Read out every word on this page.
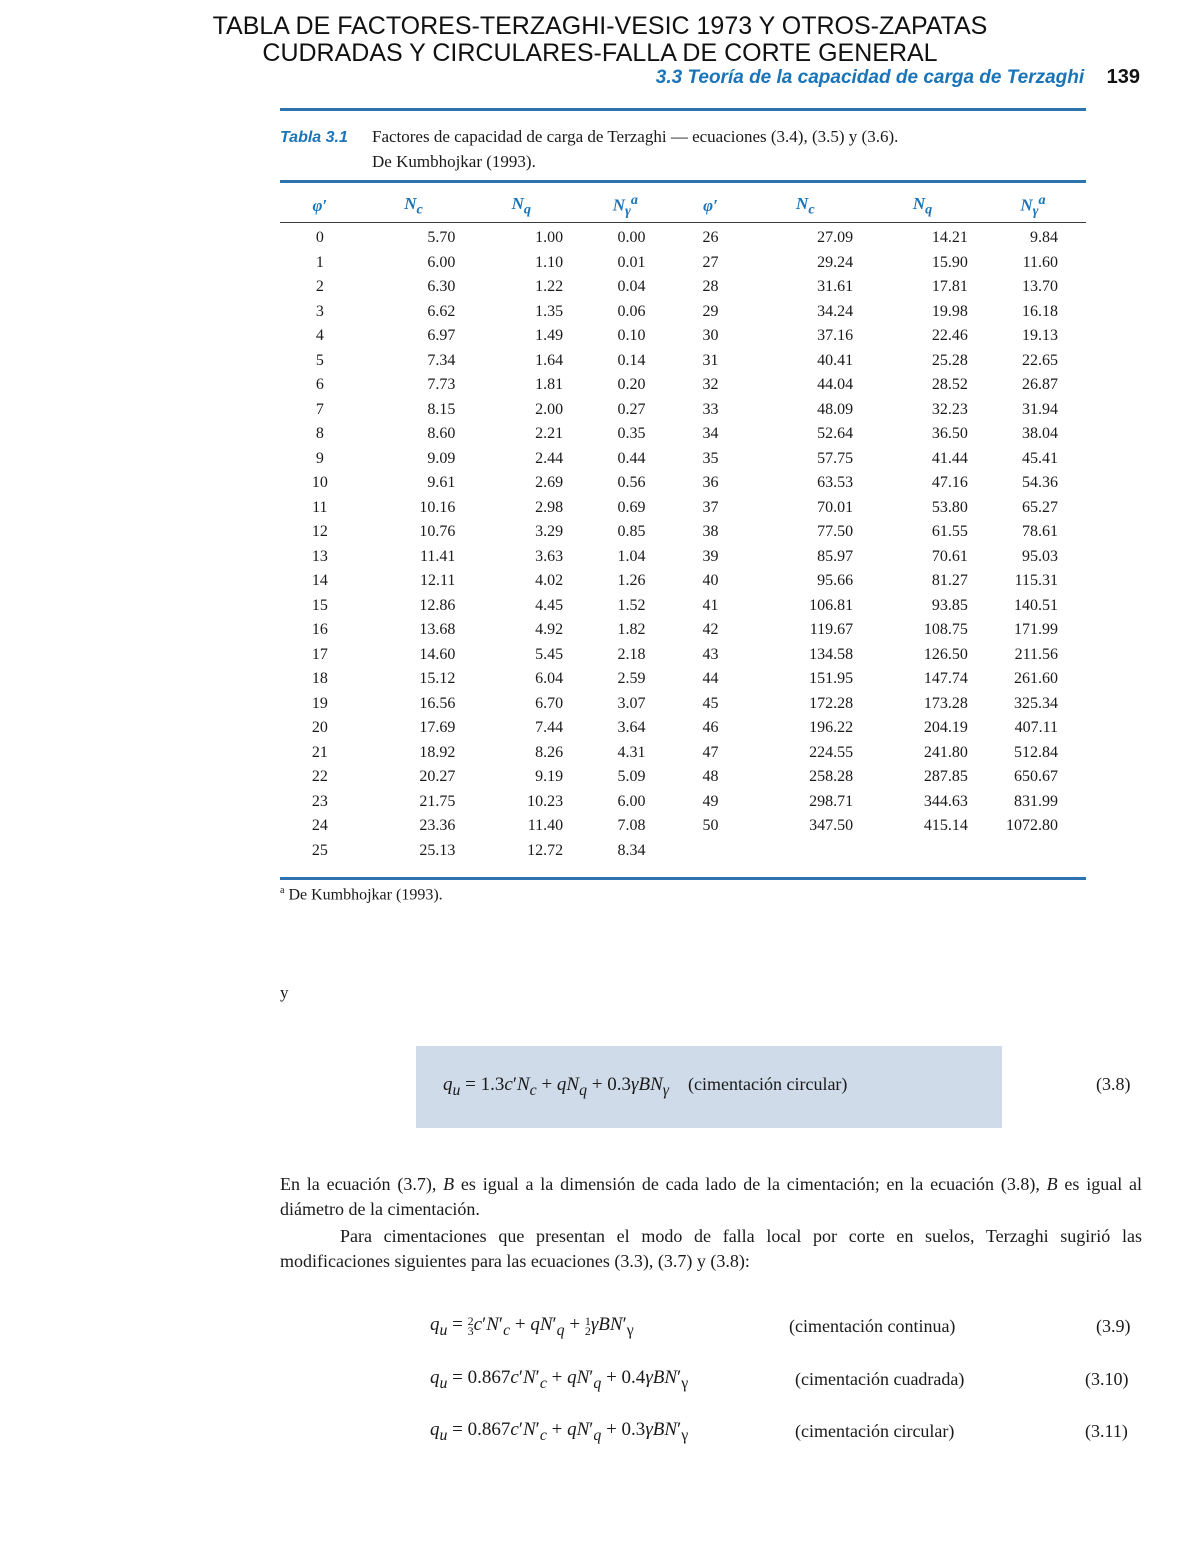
TABLA DE FACTORES-TERZAGHI-VESIC 1973 Y OTROS-ZAPATAS
CUDRADAS Y CIRCULARES-FALLA DE CORTE GENERAL
3.3 Teoría de la capacidad de carga de Terzaghi 139
Tabla 3.1 Factores de capacidad de carga de Terzaghi — ecuaciones (3.4), (3.5) y (3.6).
De Kumbhojkar (1993).
φ′	$N_c$	$N_q$	$N_\gamma^a$	φ′	$N_c$	$N_q$	$N_\gamma^a$
0	5.70	1.00	0.00	26	27.09	14.21	9.84
1	6.00	1.10	0.01	27	29.24	15.90	11.60
2	6.30	1.22	0.04	28	31.61	17.81	13.70
3	6.62	1.35	0.06	29	34.24	19.98	16.18
4	6.97	1.49	0.10	30	37.16	22.46	19.13
5	7.34	1.64	0.14	31	40.41	25.28	22.65
6	7.73	1.81	0.20	32	44.04	28.52	26.87
7	8.15	2.00	0.27	33	48.09	32.23	31.94
8	8.60	2.21	0.35	34	52.64	36.50	38.04
9	9.09	2.44	0.44	35	57.75	41.44	45.41
10	9.61	2.69	0.56	36	63.53	47.16	54.36
11	10.16	2.98	0.69	37	70.01	53.80	65.27
12	10.76	3.29	0.85	38	77.50	61.55	78.61
13	11.41	3.63	1.04	39	85.97	70.61	95.03
14	12.11	4.02	1.26	40	95.66	81.27	115.31
15	12.86	4.45	1.52	41	106.81	93.85	140.51
16	13.68	4.92	1.82	42	119.67	108.75	171.99
17	14.60	5.45	2.18	43	134.58	126.50	211.56
18	15.12	6.04	2.59	44	151.95	147.74	261.60
19	16.56	6.70	3.07	45	172.28	173.28	325.34
20	17.69	7.44	3.64	46	196.22	204.19	407.11
21	18.92	8.26	4.31	47	224.55	241.80	512.84
22	20.27	9.19	5.09	48	258.28	287.85	650.67
23	21.75	10.23	6.00	49	298.71	344.63	831.99
24	23.36	11.40	7.08	50	347.50	415.14	1072.80
25	25.13	12.72	8.34				
$^a$ De Kumbhojkar (1993).
y
$q_u = 1.3c'N_c + qN_q + 0.3\gamma BN_\gamma$ (cimentación circular)	(3.8)
En la ecuación (3.7), B es igual a la dimensión de cada lado de la cimentación; en la ecuación (3.8), B es igual al diámetro de la cimentación.
Para cimentaciones que presentan el modo de falla local por corte en suelos, Terzaghi sugirió las modificaciones siguientes para las ecuaciones (3.3), (3.7) y (3.8):
$q_u = 2$
3 $c'N'_c + qN'_q + 1$
2 $\gamma BN'_\gamma$	(cimentación continua)	(3.9)
$q_u = 0.867c'N'_c + qN'_q + 0.4\gamma BN'_\gamma$	(cimentación cuadrada)	(3.10)
$q_u = 0.867c'N'_c + qN'_q + 0.3\gamma BN'_\gamma$	(cimentación circular)	(3.11)
